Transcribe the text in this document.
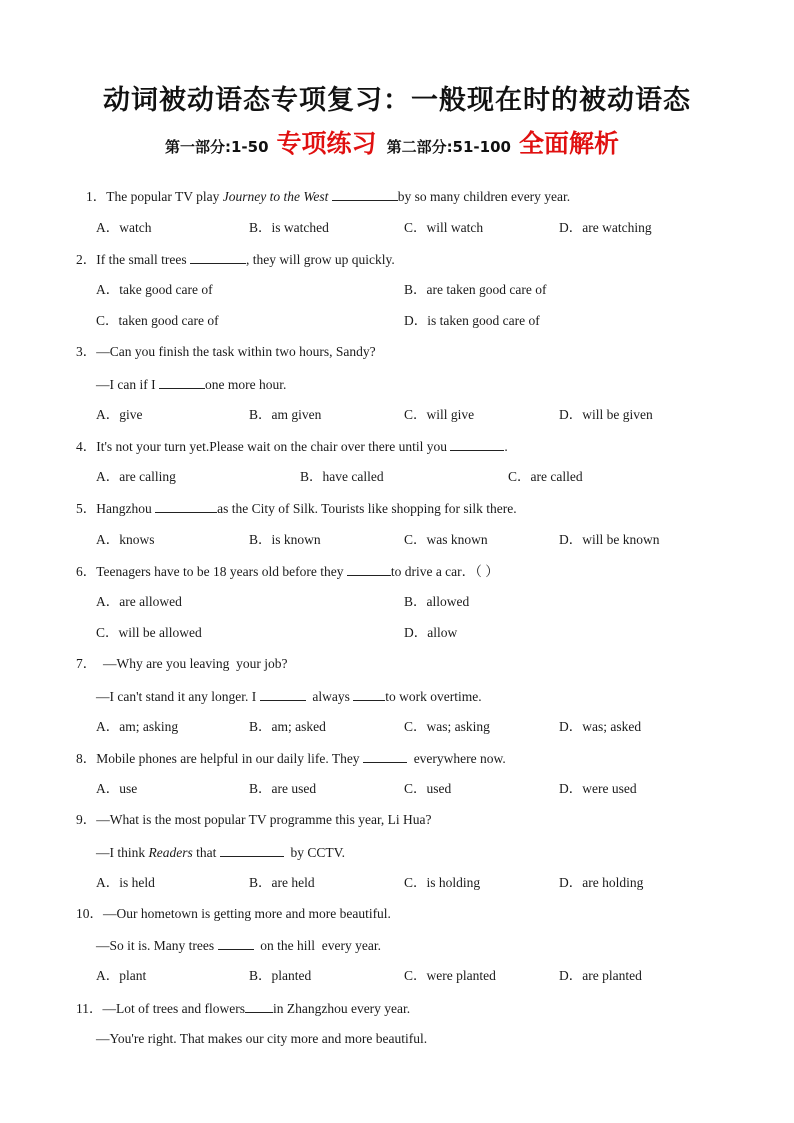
动词被动语态专项复习：一般现在时的被动语态
第一部分:1-50 专项练习 第二部分:51-100 全面解析
1．The popular TV play Journey to the West	by so many children every year.
A．watch	B．is watched	C．will watch	D．are watching
2．If the small trees	, they will grow up quickly.
A．take good care of	B．are taken good care of
C．taken good care of	D．is taken good care of
3．—Can you finish the task within two hours, Sandy?
—I can if I	one more hour.
A．give	B．am given	C．will give	D．will be given
4．It's not your turn yet.Please wait on the chair over there until you	.
A．are calling	B．have called	C．are called
5．Hangzhou	as the City of Silk. Tourists like shopping for silk there.
A．knows	B．is known	C．was known	D．will be known
6．Teenagers have to be 18 years old before they	to drive a car．（ ）
A．are allowed	B．allowed
C．will be allowed	D．allow
7．  —Why are you leaving  your job?
—I can't stand it any longer. I	always to work overtime.
A．am; asking	B．am; asked	C．was; asking	D．was; asked
8．Mobile phones are helpful in our daily life. They	everywhere now.
A．use	B．are used	C．used	D．were used
9．—What is the most popular TV programme this year, Li Hua?
—I think Readers that	by CCTV.
A．is held	B．are held	C．is holding	D．are holding
10．—Our hometown is getting more and more beautiful.
—So it is. Many trees	on the hill  every year.
A．plant	B．planted	C．were planted	D．are planted
11．—Lot of trees and flowers in Zhangzhou every year.
—You're right. That makes our city more and more beautiful.
